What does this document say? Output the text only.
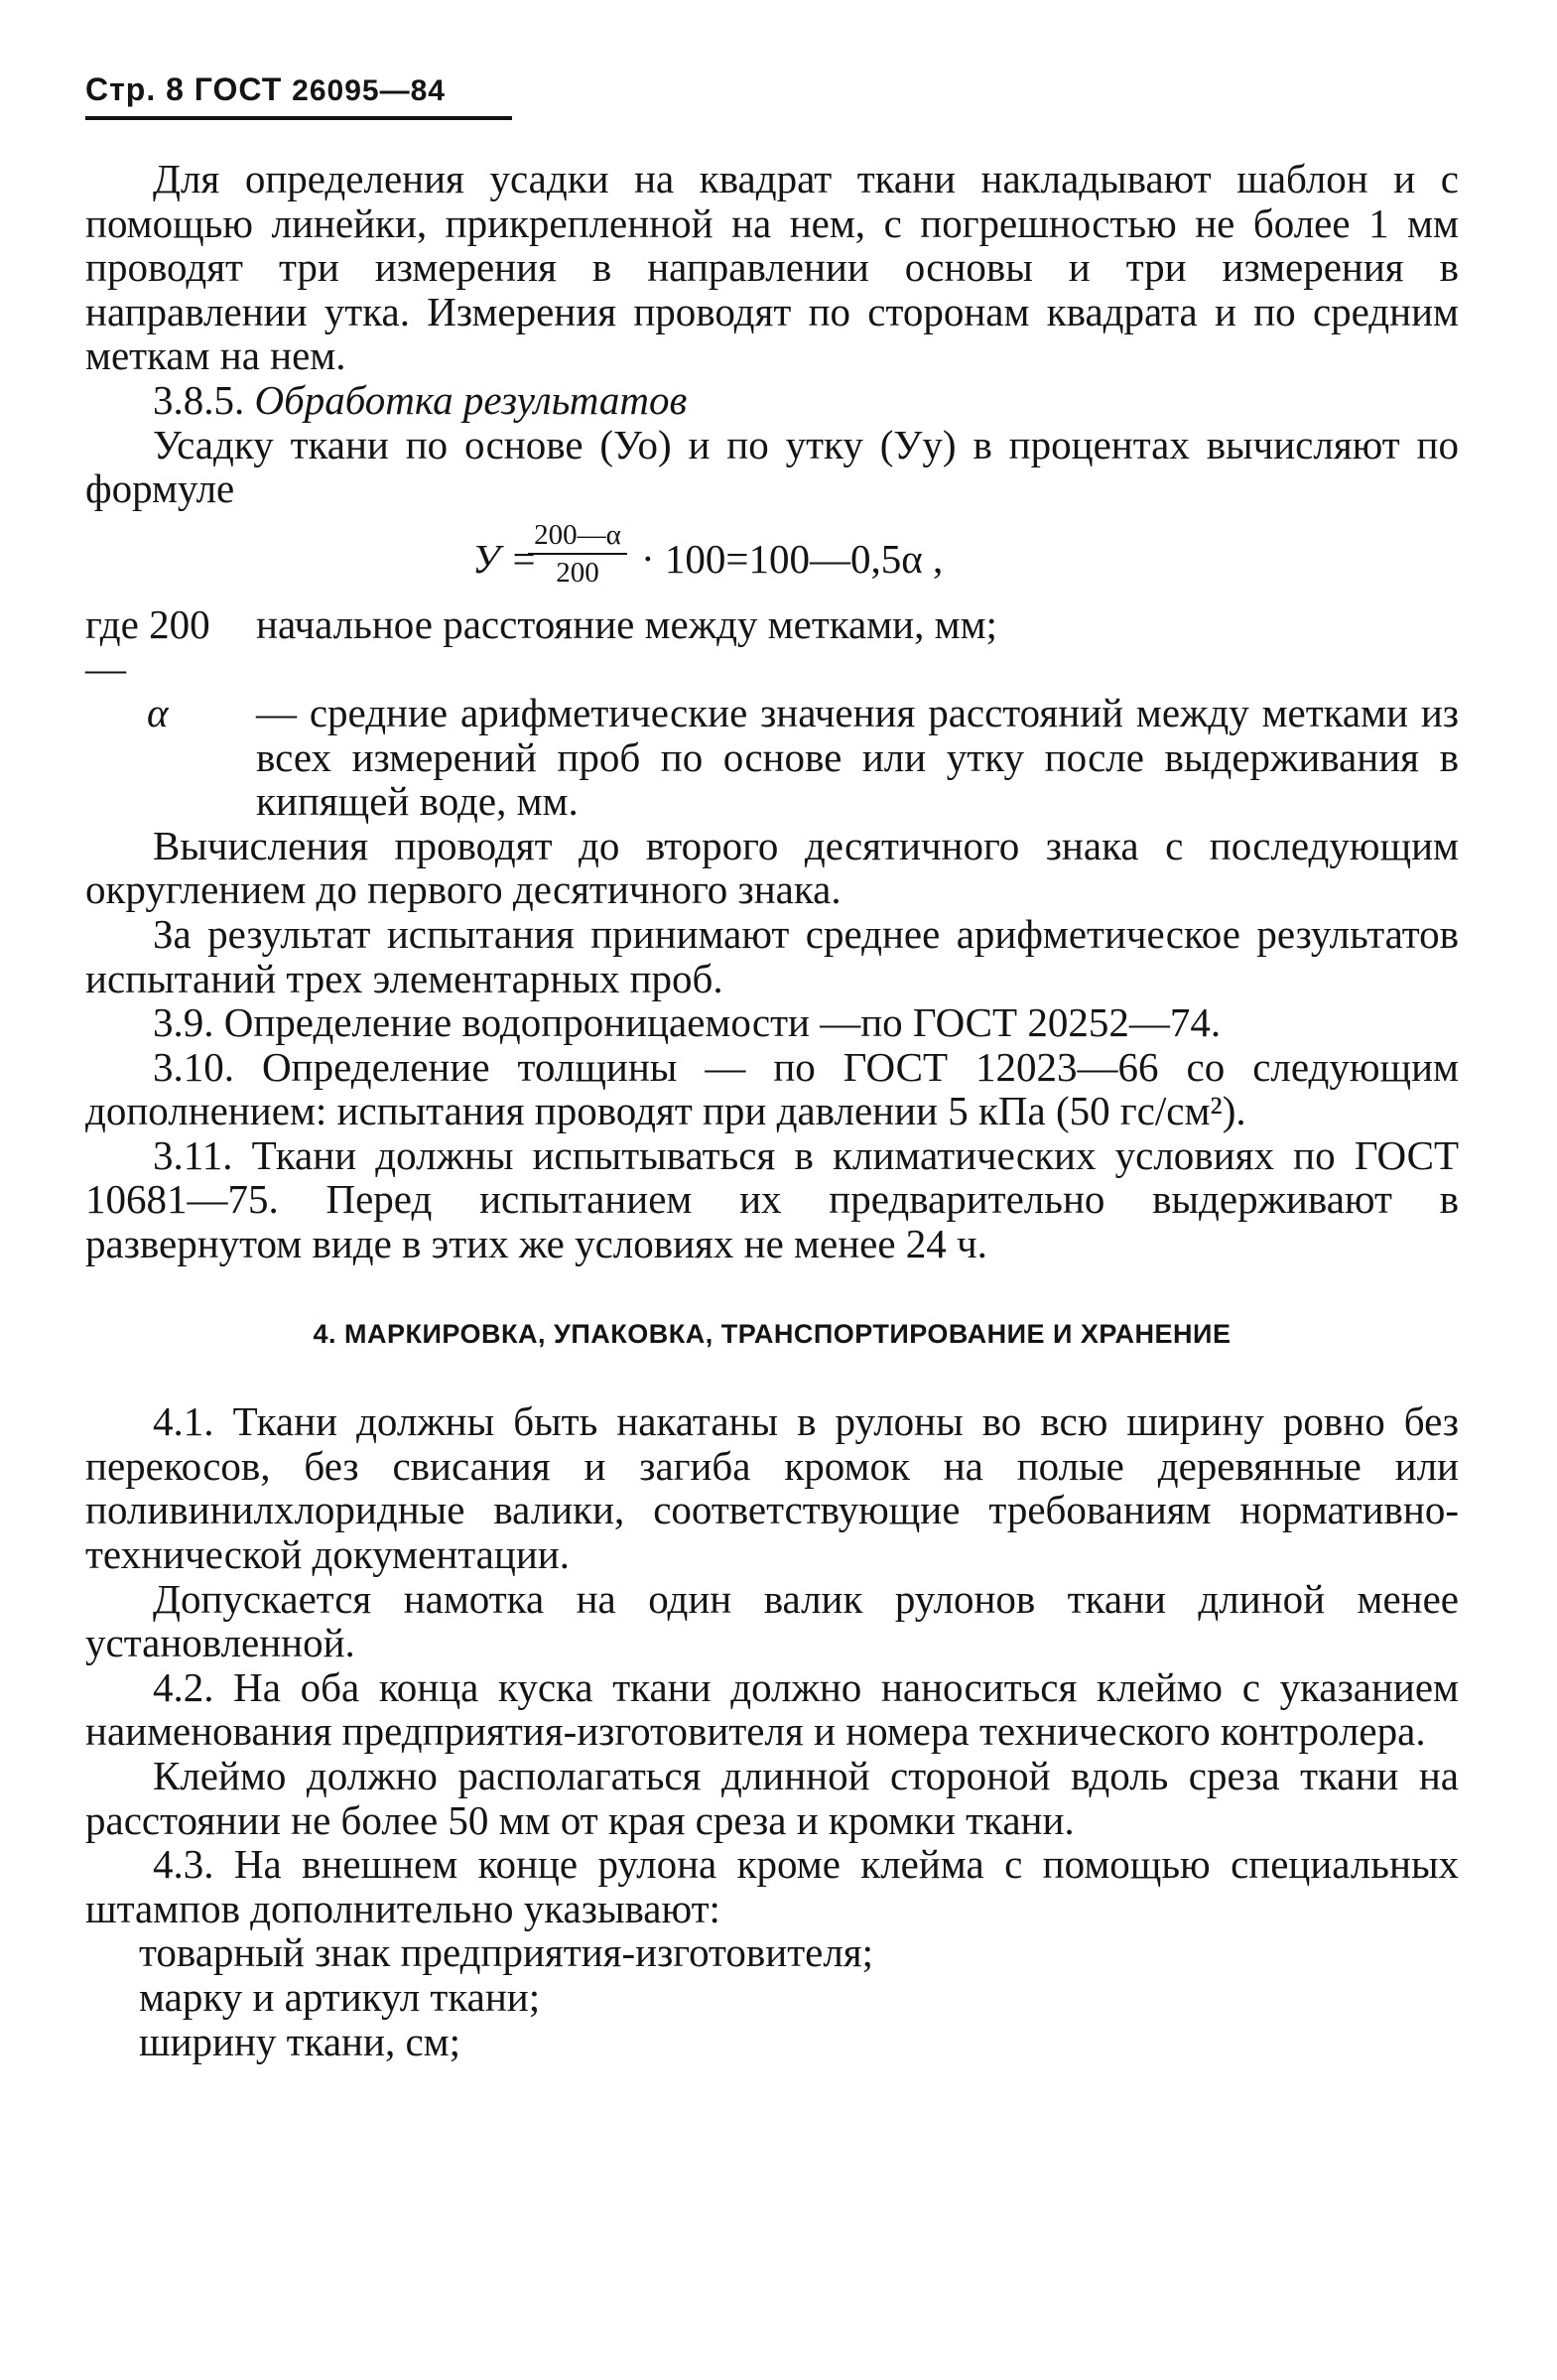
Стр. 8 ГОСТ 26095—84

Для определения усадки на квадрат ткани накладывают шаблон и с помощью линейки, прикрепленной на нем, с погрешностью не более 1 мм проводят три измерения в направлении основы и три измерения в направлении утка. Измерения проводят по сторонам квадрата и по средним меткам на нем.

3.8.5. Обработка результатов

Усадку ткани по основе (Уо) и по утку (Уу) в процентах вычисляют по формуле

У =
200—α
200	· 100=100—0,5α ,
где 200 —
начальное расстояние между метками, мм;
α	— средние арифметические значения расстояний между метками из всех измерений проб по основе или утку после выдерживания в кипящей воде, мм.

Вычисления проводят до второго десятичного знака с последующим округлением до первого десятичного знака.

За результат испытания принимают среднее арифметическое результатов испытаний трех элементарных проб.

3.9. Определение водопроницаемости —по ГОСТ 20252—74.

3.10. Определение толщины — по ГОСТ 12023—66 со следующим дополнением: испытания проводят при давлении 5 кПа (50 гс/см²).

3.11. Ткани должны испытываться в климатических условиях по ГОСТ 10681—75. Перед испытанием их предварительно выдерживают в развернутом виде в этих же условиях не менее 24 ч.

4. МАРКИРОВКА, УПАКОВКА, ТРАНСПОРТИРОВАНИЕ И ХРАНЕНИЕ

4.1. Ткани должны быть накатаны в рулоны во всю ширину ровно без перекосов, без свисания и загиба кромок на полые деревянные или поливинилхлоридные валики, соответствующие требованиям нормативно-технической документации.

Допускается намотка на один валик рулонов ткани длиной менее установленной.

4.2. На оба конца куска ткани должно наноситься клеймо с указанием наименования предприятия-изготовителя и номера технического контролера.

Клеймо должно располагаться длинной стороной вдоль среза ткани на расстоянии не более 50 мм от края среза и кромки ткани.

4.3. На внешнем конце рулона кроме клейма с помощью специальных штампов дополнительно указывают:

товарный знак предприятия-изготовителя;

марку и артикул ткани;

ширину ткани, см;
